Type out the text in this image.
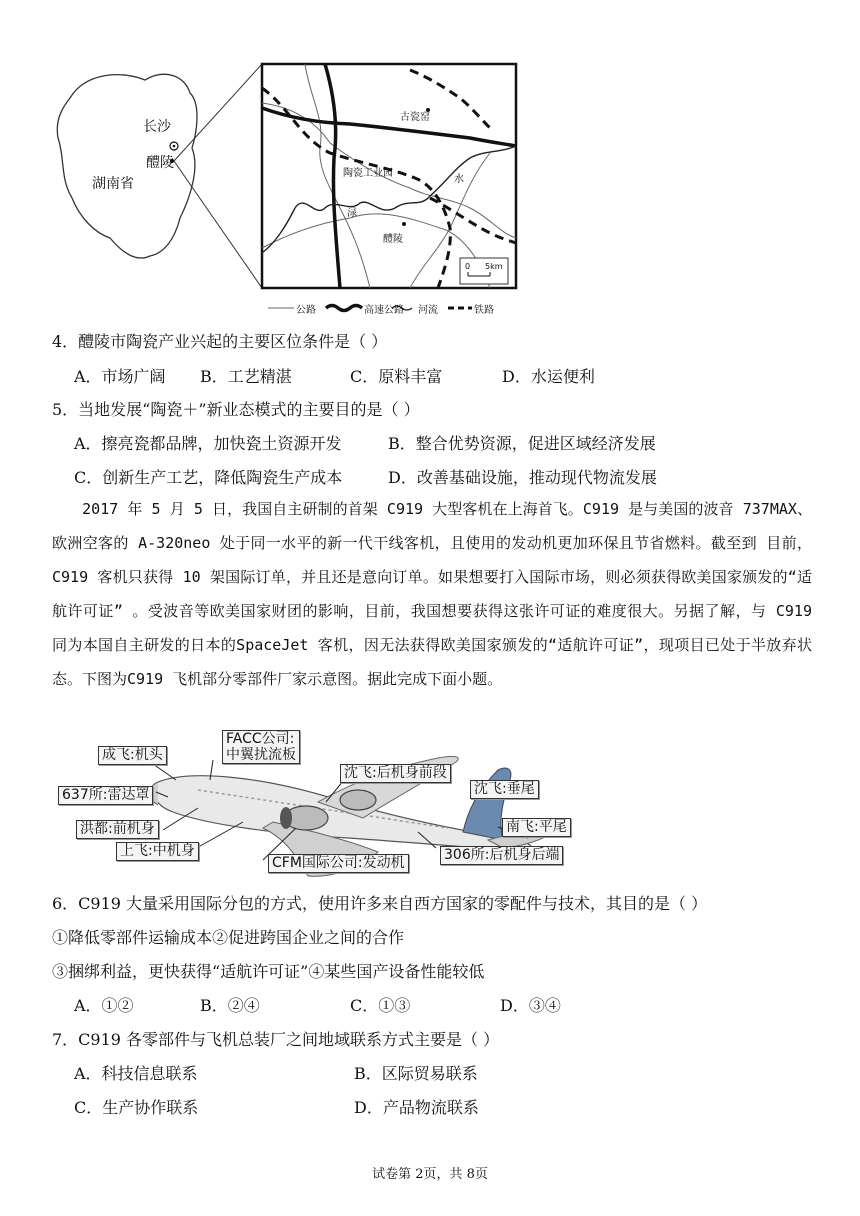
长沙
醴陵
湖南省
古瓷窑
陶瓷工业园
水
渌
醴陵
0 5km
公路	高速公路 河流	铁路
4．醴陵市陶瓷产业兴起的主要区位条件是（ ）
A．市场广阔 B．工艺精湛	C．原料丰富	D．水运便利
5．当地发展“陶瓷＋”新业态模式的主要目的是（ ）
A．擦亮瓷都品牌，加快瓷土资源开发	B．整合优势资源，促进区域经济发展
C．创新生产工艺，降低陶瓷生产成本	D．改善基础设施，推动现代物流发展

　　2017 年 5 月 5 日，我国自主研制的首架 C919 大型客机在上海首飞。C919 是与美国的波音 737MAX、欧洲空客的 A-320neo 处于同一水平的新一代干线客机，且使用的发动机更加环保且节省燃料。截至到 目前，C919 客机只获得 10 架国际订单，并且还是意向订单。如果想要打入国际市场，则必须获得欧美国家颁发的“适航许可证” 。受波音等欧美国家财团的影响，目前，我国想要获得这张许可证的难度很大。另据了解，与 C919 同为本国自主研发的日本的SpaceJet 客机，因无法获得欧美国家颁发的“适航许可证”，现项目已处于半放弃状态。下图为C919 飞机部分零部件厂家示意图。据此完成下面小题。

成飞:机头
FACC公司:
中翼扰流板
沈飞:后机身前段
637所:雷达罩	沈飞:垂尾
洪都:前机身	南飞:平尾
上飞:中机身
CFM国际公司:发动机	306所:后机身后端
6．C919 大量采用国际分包的方式，使用许多来自西方国家的零配件与技术，其目的是（ ）
①降低零部件运输成本②促进跨国企业之间的合作
③捆绑利益，更快获得“适航许可证”④某些国产设备性能较低
A．①②	B．②④	C．①③	D．③④
7．C919 各零部件与飞机总装厂之间地域联系方式主要是（ ）
A．科技信息联系	B．区际贸易联系
C．生产协作联系	D．产品物流联系
试卷第 2页，共 8页
